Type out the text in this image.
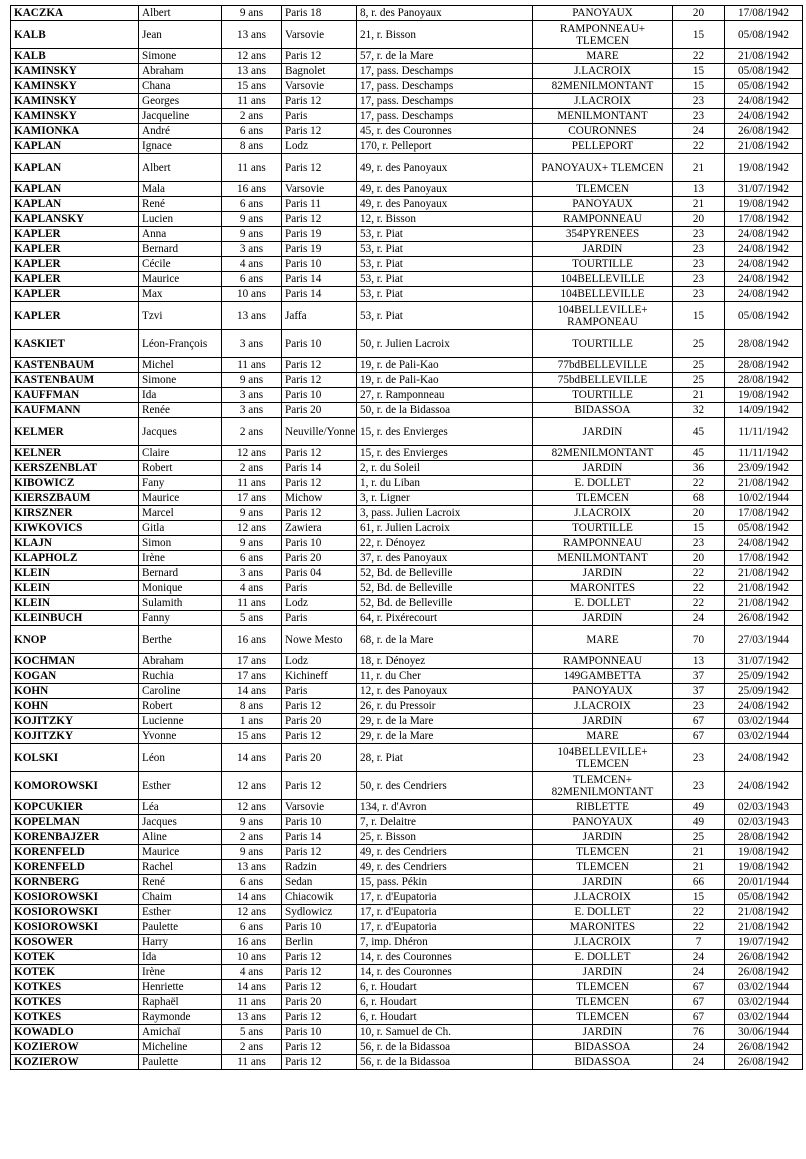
KACZKA	Albert	9 ans	Paris 18	8, r. des Panoyaux	PANOYAUX	20	17/08/1942
KALB	Jean	13 ans	Varsovie	21, r. Bisson	RAMPONNEAU+ TLEMCEN	15	05/08/1942
KALB	Simone	12 ans	Paris 12	57, r. de la Mare	MARE	22	21/08/1942
KAMINSKY	Abraham	13 ans	Bagnolet	17, pass. Deschamps	J.LACROIX	15	05/08/1942
KAMINSKY	Chana	15 ans	Varsovie	17, pass. Deschamps	82MENILMONTANT	15	05/08/1942
KAMINSKY	Georges	11 ans	Paris 12	17, pass. Deschamps	J.LACROIX	23	24/08/1942
KAMINSKY	Jacqueline	2 ans	Paris	17, pass. Deschamps	MENILMONTANT	23	24/08/1942
KAMIONKA	André	6 ans	Paris 12	45, r. des Couronnes	COURONNES	24	26/08/1942
KAPLAN	Ignace	8 ans	Lodz	170, r. Pelleport	PELLEPORT	22	21/08/1942
KAPLAN	Albert	11 ans	Paris 12	49, r. des Panoyaux	PANOYAUX+ TLEMCEN	21	19/08/1942
KAPLAN	Mala	16 ans	Varsovie	49, r. des Panoyaux	TLEMCEN	13	31/07/1942
KAPLAN	René	6 ans	Paris 11	49, r. des Panoyaux	PANOYAUX	21	19/08/1942
KAPLANSKY	Lucien	9 ans	Paris 12	12, r. Bisson	RAMPONNEAU	20	17/08/1942
KAPLER	Anna	9 ans	Paris 19	53, r. Piat	354PYRENEES	23	24/08/1942
KAPLER	Bernard	3 ans	Paris 19	53, r. Piat	JARDIN	23	24/08/1942
KAPLER	Cécile	4 ans	Paris 10	53, r. Piat	TOURTILLE	23	24/08/1942
KAPLER	Maurice	6 ans	Paris 14	53, r. Piat	104BELLEVILLE	23	24/08/1942
KAPLER	Max	10 ans	Paris 14	53, r. Piat	104BELLEVILLE	23	24/08/1942
KAPLER	Tzvi	13 ans	Jaffa	53, r. Piat	104BELLEVILLE+ RAMPONEAU	15	05/08/1942
KASKIET	Léon-François	3 ans	Paris 10	50, r. Julien Lacroix	TOURTILLE	25	28/08/1942
KASTENBAUM	Michel	11 ans	Paris 12	19, r. de Pali-Kao	77bdBELLEVILLE	25	28/08/1942
KASTENBAUM	Simone	9 ans	Paris 12	19, r. de Pali-Kao	75bdBELLEVILLE	25	28/08/1942
KAUFFMAN	Ida	3 ans	Paris 10	27, r. Ramponneau	TOURTILLE	21	19/08/1942
KAUFMANN	Renée	3 ans	Paris 20	50, r. de la Bidassoa	BIDASSOA	32	14/09/1942
KELMER	Jacques	2 ans	Neuville/Yonne	15, r. des Envierges	JARDIN	45	11/11/1942
KELNER	Claire	12 ans	Paris 12	15, r. des Envierges	82MENILMONTANT	45	11/11/1942
KERSZENBLAT	Robert	2 ans	Paris 14	2, r. du Soleil	JARDIN	36	23/09/1942
KIBOWICZ	Fany	11 ans	Paris 12	1, r. du Liban	E. DOLLET	22	21/08/1942
KIERSZBAUM	Maurice	17 ans	Michow	3, r. Ligner	TLEMCEN	68	10/02/1944
KIRSZNER	Marcel	9 ans	Paris 12	3, pass. Julien Lacroix	J.LACROIX	20	17/08/1942
KIWKOVICS	Gitla	12 ans	Zawiera	61, r. Julien Lacroix	TOURTILLE	15	05/08/1942
KLAJN	Simon	9 ans	Paris 10	22, r. Dénoyez	RAMPONNEAU	23	24/08/1942
KLAPHOLZ	Irène	6 ans	Paris 20	37, r. des Panoyaux	MENILMONTANT	20	17/08/1942
KLEIN	Bernard	3 ans	Paris 04	52, Bd. de Belleville	JARDIN	22	21/08/1942
KLEIN	Monique	4 ans	Paris	52, Bd. de Belleville	MARONITES	22	21/08/1942
KLEIN	Sulamith	11 ans	Lodz	52, Bd. de Belleville	E. DOLLET	22	21/08/1942
KLEINBUCH	Fanny	5 ans	Paris	64, r. Pixérecourt	JARDIN	24	26/08/1942
KNOP	Berthe	16 ans	Nowe Mesto	68, r. de la Mare	MARE	70	27/03/1944
KOCHMAN	Abraham	17 ans	Lodz	18, r. Dénoyez	RAMPONNEAU	13	31/07/1942
KOGAN	Ruchia	17 ans	Kichineff	11, r. du Cher	149GAMBETTA	37	25/09/1942
KOHN	Caroline	14 ans	Paris	12, r. des Panoyaux	PANOYAUX	37	25/09/1942
KOHN	Robert	8 ans	Paris 12	26, r. du Pressoir	J.LACROIX	23	24/08/1942
KOJITZKY	Lucienne	1 ans	Paris 20	29, r. de la Mare	JARDIN	67	03/02/1944
KOJITZKY	Yvonne	15 ans	Paris 12	29, r. de la Mare	MARE	67	03/02/1944
KOLSKI	Léon	14 ans	Paris 20	28, r. Piat	104BELLEVILLE+ TLEMCEN	23	24/08/1942
KOMOROWSKI	Esther	12 ans	Paris 12	50, r. des Cendriers	TLEMCEN+ 82MENILMONTANT	23	24/08/1942
KOPCUKIER	Léa	12 ans	Varsovie	134, r. d'Avron	RIBLETTE	49	02/03/1943
KOPELMAN	Jacques	9 ans	Paris 10	7, r. Delaitre	PANOYAUX	49	02/03/1943
KORENBAJZER	Aline	2 ans	Paris 14	25, r. Bisson	JARDIN	25	28/08/1942
KORENFELD	Maurice	9 ans	Paris 12	49, r. des Cendriers	TLEMCEN	21	19/08/1942
KORENFELD	Rachel	13 ans	Radzin	49, r. des Cendriers	TLEMCEN	21	19/08/1942
KORNBERG	René	6 ans	Sedan	15, pass. Pékin	JARDIN	66	20/01/1944
KOSIOROWSKI	Chaim	14 ans	Chiacowik	17, r. d'Eupatoria	J.LACROIX	15	05/08/1942
KOSIOROWSKI	Esther	12 ans	Sydlowicz	17, r. d'Eupatoria	E. DOLLET	22	21/08/1942
KOSIOROWSKI	Paulette	6 ans	Paris 10	17, r. d'Eupatoria	MARONITES	22	21/08/1942
KOSOWER	Harry	16 ans	Berlin	7, imp. Dhéron	J.LACROIX	7	19/07/1942
KOTEK	Ida	10 ans	Paris 12	14, r. des Couronnes	E. DOLLET	24	26/08/1942
KOTEK	Irène	4 ans	Paris 12	14, r. des Couronnes	JARDIN	24	26/08/1942
KOTKES	Henriette	14 ans	Paris 12	6, r. Houdart	TLEMCEN	67	03/02/1944
KOTKES	Raphaël	11 ans	Paris 20	6, r. Houdart	TLEMCEN	67	03/02/1944
KOTKES	Raymonde	13 ans	Paris 12	6, r. Houdart	TLEMCEN	67	03/02/1944
KOWADLO	Amichaï	5 ans	Paris 10	10, r. Samuel de Ch.	JARDIN	76	30/06/1944
KOZIEROW	Micheline	2 ans	Paris 12	56, r. de la Bidassoa	BIDASSOA	24	26/08/1942
KOZIEROW	Paulette	11 ans	Paris 12	56, r. de la Bidassoa	BIDASSOA	24	26/08/1942
